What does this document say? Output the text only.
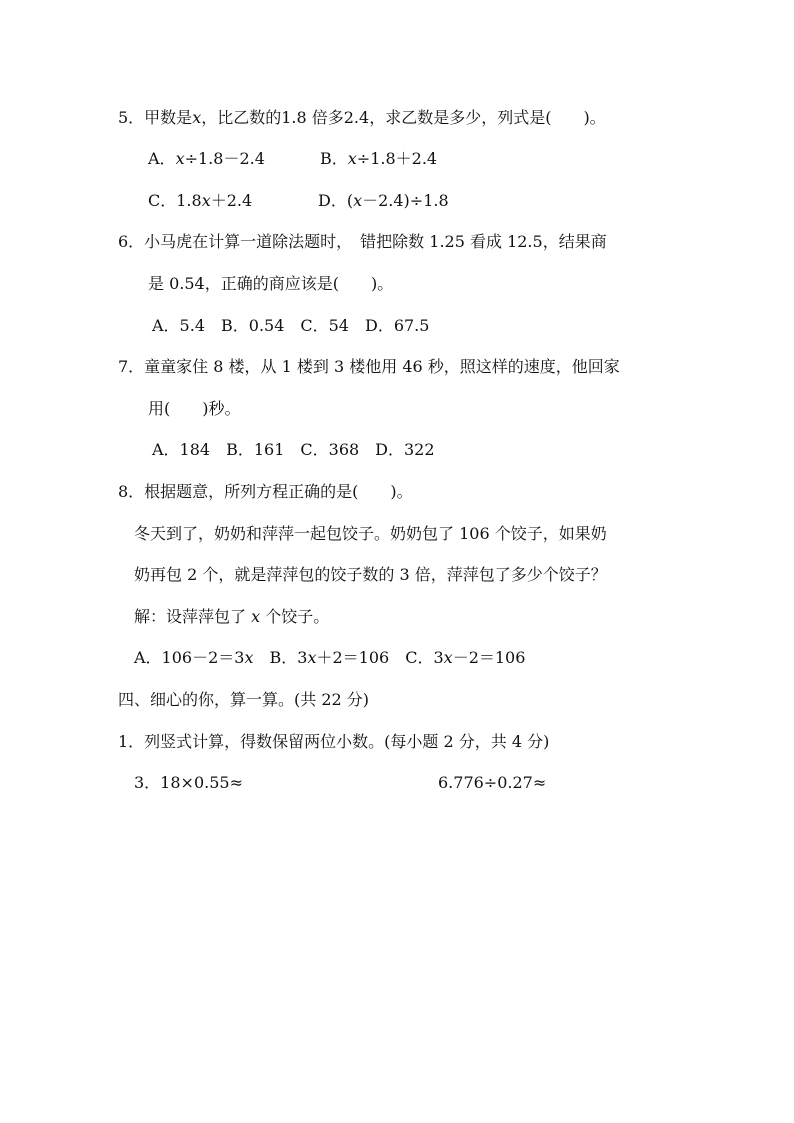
5．甲数是x，比乙数的1.8 倍多2.4，求乙数是多少，列式是(　　)。
A．x÷1.8－2.4	B．x÷1.8＋2.4
C．1.8x＋2.4	D．(x－2.4)÷1.8
6．小马虎在计算一道除法题时，　错把除数 1.25 看成 12.5，结果商
是 0.54，正确的商应该是(　　)。
A．5.4　B．0.54　C．54　D．67.5
7．童童家住 8 楼，从 1 楼到 3 楼他用 46 秒，照这样的速度，他回家
用(　　)秒。
A．184　B．161　C．368　D．322
8．根据题意，所列方程正确的是(　　)。
冬天到了，奶奶和萍萍一起包饺子。奶奶包了 106 个饺子，如果奶
奶再包 2 个，就是萍萍包的饺子数的 3 倍，萍萍包了多少个饺子？
解：设萍萍包了 x 个饺子。
A．106－2＝3x　B．3x＋2＝106　C．3x－2＝106
四、细心的你，算一算。(共 22 分)
1．列竖式计算，得数保留两位小数。(每小题 2 分，共 4 分)
3．18×0.55≈	6.776÷0.27≈
